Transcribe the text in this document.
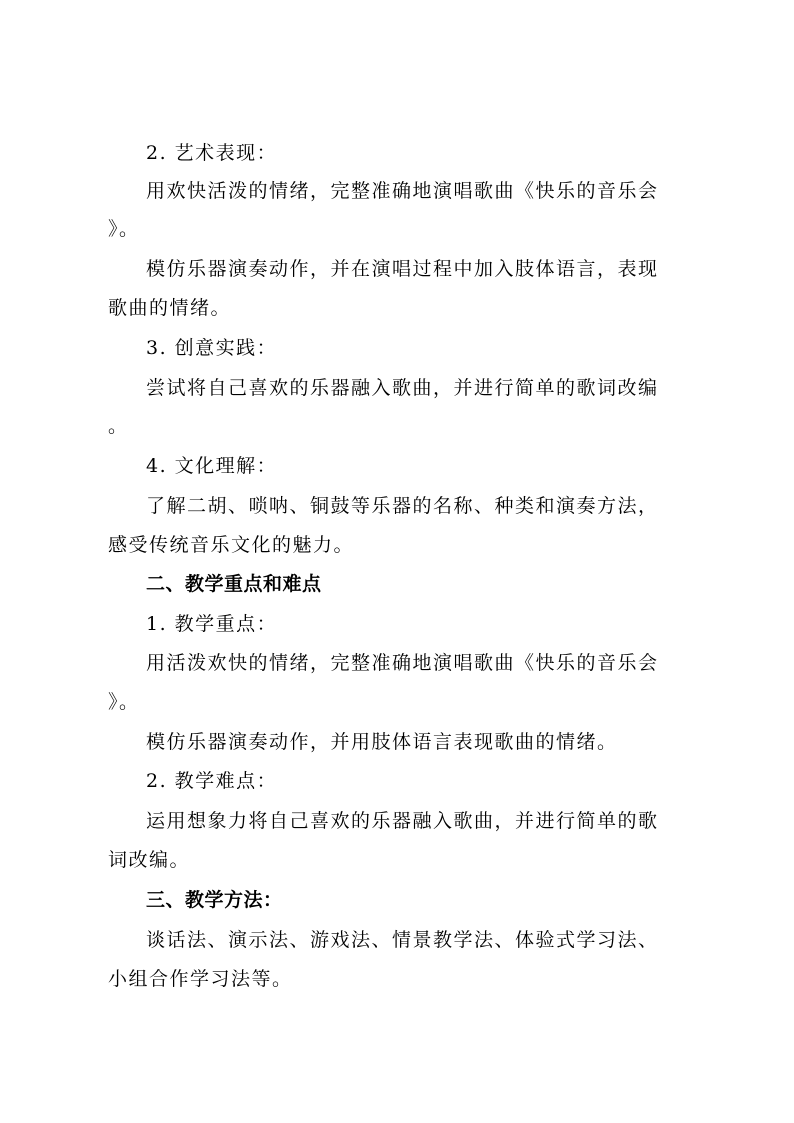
2. 艺术表现：
用欢快活泼的情绪，完整准确地演唱歌曲《快乐的音乐会
》。
模仿乐器演奏动作，并在演唱过程中加入肢体语言，表现
歌曲的情绪。
3. 创意实践：
尝试将自己喜欢的乐器融入歌曲，并进行简单的歌词改编
。
4. 文化理解：
了解二胡、唢呐、铜鼓等乐器的名称、种类和演奏方法，
感受传统音乐文化的魅力。
二、教学重点和难点
1. 教学重点：
用活泼欢快的情绪，完整准确地演唱歌曲《快乐的音乐会
》。
模仿乐器演奏动作，并用肢体语言表现歌曲的情绪。
2. 教学难点：
运用想象力将自己喜欢的乐器融入歌曲，并进行简单的歌
词改编。
三、教学方法：
谈话法、演示法、游戏法、情景教学法、体验式学习法、
小组合作学习法等。
